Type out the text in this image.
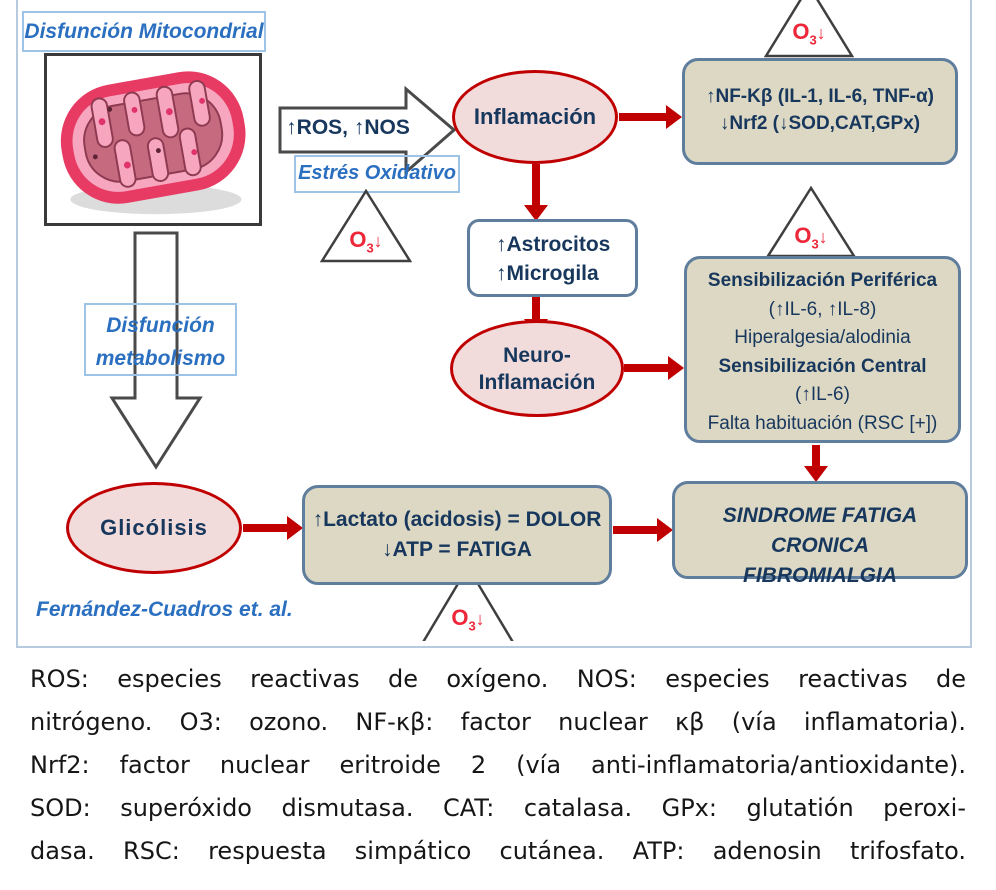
↑ROS, ↑NOS
Disfunción Mitocondrial
Disfunción
metabolismo
Estrés Oxidativo
$O_3↓$
$O_3↓$
$O_3↓$
$O_3↓$
Inflamación
↑NF-Κβ (IL-1, IL-6, TNF-α)
↓Nrf2 (↓SOD,CAT,GPx)
↑Astrocitos
↑Microgila
Neuro-
Inflamación
Sensibilización Periférica
(↑IL-6, ↑IL-8)
Hiperalgesia/alodinia
Sensibilización Central
(↑IL-6)
Falta habituación (RSC [+])
Glicólisis	↑Lactato (acidosis) = DOLOR
↓ATP = FATIGA
SINDROME FATIGA CRONICA
FIBROMIALGIA
Fernández-Cuadros et. al.
ROS: especies reactivas de oxígeno. NOS: especies reactivas de
nitrógeno. O3: ozono. NF-κβ: factor nuclear κβ (vía inflamatoria).
Nrf2: factor nuclear eritroide 2 (vía anti-inflamatoria/antioxidante).
SOD: superóxido dismutasa. CAT: catalasa. GPx: glutatión peroxi-
dasa. RSC: respuesta simpático cutánea. ATP: adenosin trifosfato.
